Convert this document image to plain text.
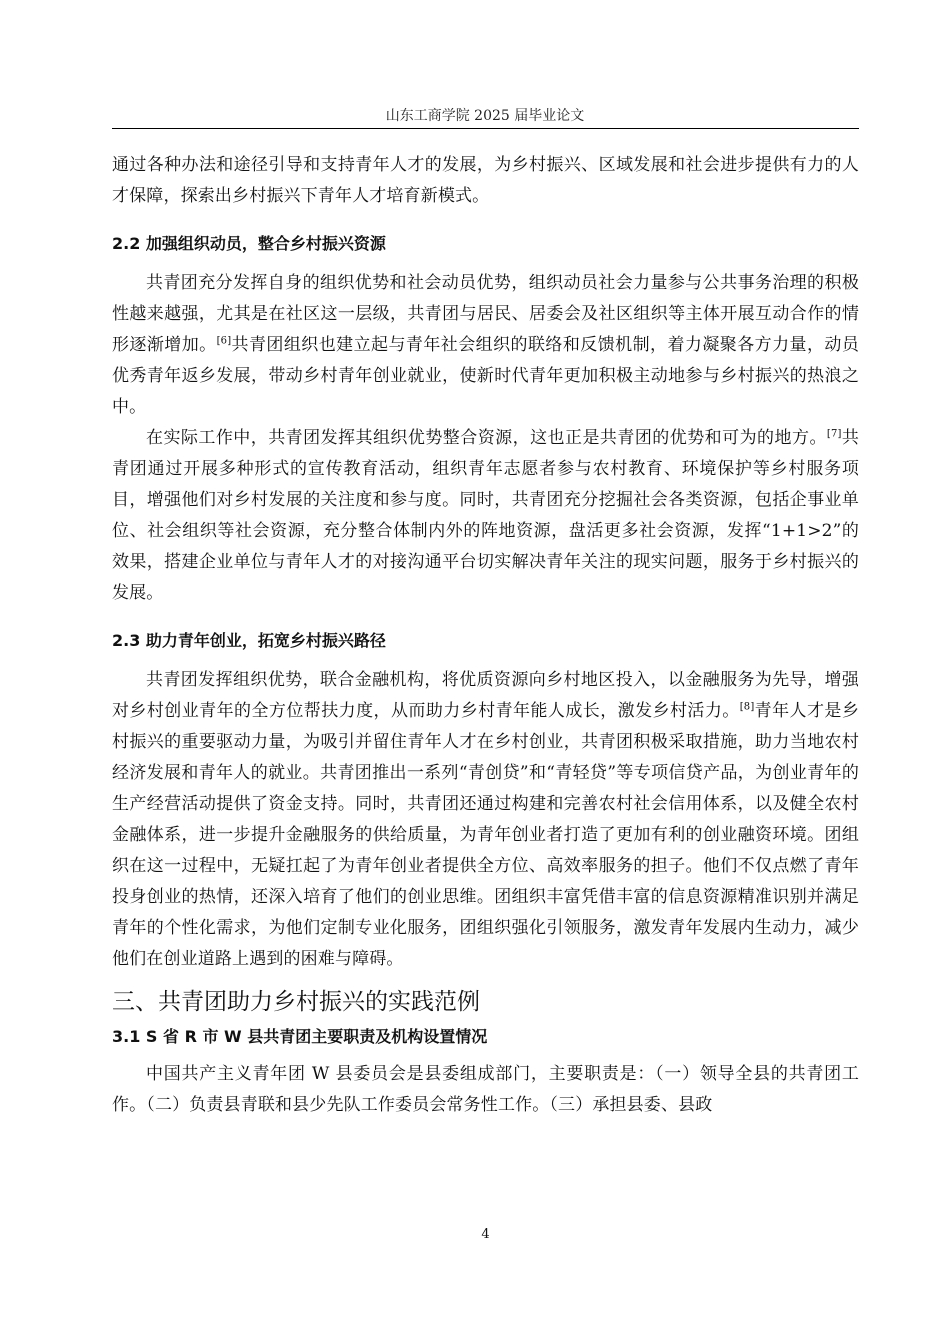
山东工商学院 2025 届毕业论文

通过各种办法和途径引导和支持青年人才的发展，为乡村振兴、区域发展和社会进步提供有力的人才保障，探索出乡村振兴下青年人才培育新模式。

2.2 加强组织动员，整合乡村振兴资源

共青团充分发挥自身的组织优势和社会动员优势，组织动员社会力量参与公共事务治理的积极性越来越强，尤其是在社区这一层级，共青团与居民、居委会及社区组织等主体开展互动合作的情形逐渐增加。[6]共青团组织也建立起与青年社会组织的联络和反馈机制，着力凝聚各方力量，动员优秀青年返乡发展，带动乡村青年创业就业，使新时代青年更加积极主动地参与乡村振兴的热浪之中。

在实际工作中，共青团发挥其组织优势整合资源，这也正是共青团的优势和可为的地方。[7]共青团通过开展多种形式的宣传教育活动，组织青年志愿者参与农村教育、环境保护等乡村服务项目，增强他们对乡村发展的关注度和参与度。同时，共青团充分挖掘社会各类资源，包括企事业单位、社会组织等社会资源，充分整合体制内外的阵地资源，盘活更多社会资源，发挥“1+1>2”的效果，搭建企业单位与青年人才的对接沟通平台切实解决青年关注的现实问题，服务于乡村振兴的发展。

2.3 助力青年创业，拓宽乡村振兴路径

共青团发挥组织优势，联合金融机构，将优质资源向乡村地区投入，以金融服务为先导，增强对乡村创业青年的全方位帮扶力度，从而助力乡村青年能人成长，激发乡村活力。[8]青年人才是乡村振兴的重要驱动力量，为吸引并留住青年人才在乡村创业，共青团积极采取措施，助力当地农村经济发展和青年人的就业。共青团推出一系列“青创贷”和“青轻贷”等专项信贷产品，为创业青年的生产经营活动提供了资金支持。同时，共青团还通过构建和完善农村社会信用体系，以及健全农村金融体系，进一步提升金融服务的供给质量，为青年创业者打造了更加有利的创业融资环境。团组织在这一过程中，无疑扛起了为青年创业者提供全方位、高效率服务的担子。他们不仅点燃了青年投身创业的热情，还深入培育了他们的创业思维。团组织丰富凭借丰富的信息资源精准识别并满足青年的个性化需求，为他们定制专业化服务，团组织强化引领服务，激发青年发展内生动力，减少他们在创业道路上遇到的困难与障碍。

三、共青团助力乡村振兴的实践范例
3.1 S 省 R 市 W 县共青团主要职责及机构设置情况

中国共产主义青年团 W 县委员会是县委组成部门，主要职责是：（一）领导全县的共青团工作。（二）负责县青联和县少先队工作委员会常务性工作。（三）承担县委、县政

4
